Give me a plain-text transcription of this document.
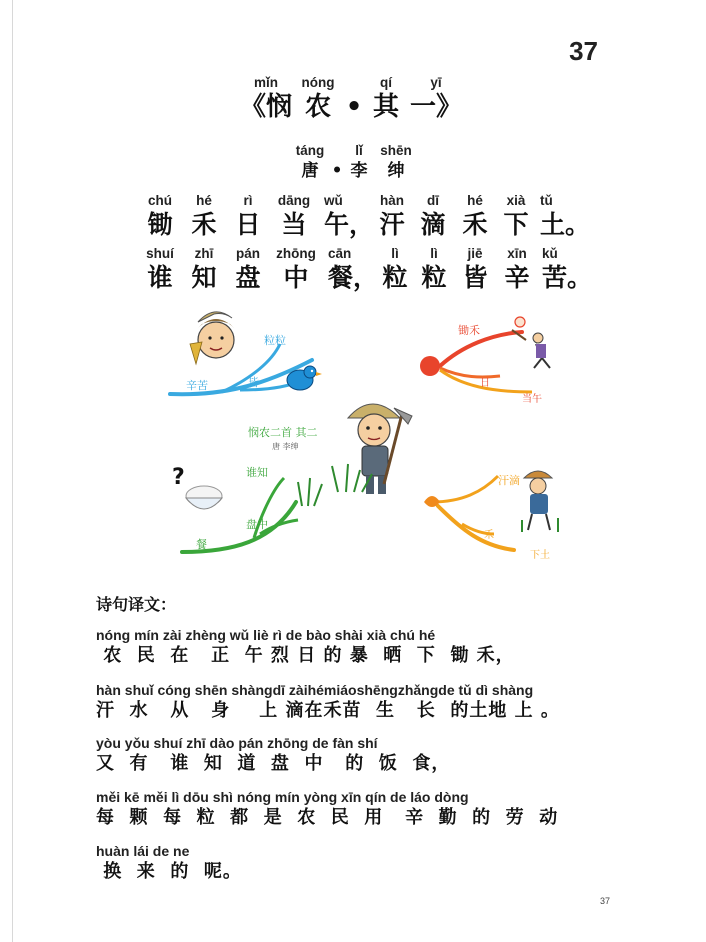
37
mǐn
《悯
nóng
农 •
qí
其
yī
一》
táng
唐 •
lǐ
李
shēn
绅
chú
锄
hé
禾
rì
日
dāng
当
wǔ
午，
hàn
汗
dī
滴
hé
禾
xià
下
tǔ
土。
shuí
谁
zhī
知
pán
盘
zhōng
中
cān
餐，
lì
粒
lì
粒
jiē
皆
xīn
辛
kǔ
苦。
粒粒
辛苦	皆
锄禾
日
当午
悯农二首 其二
唐 李绅
谁知
盘中
餐
?	汗滴
禾
下土
诗句译文：
nóng mín zài zhèng wǔ liè rì de bào shài xià chú hé
农  民  在   正  午 烈 日 的 暴  晒  下  锄 禾，
hàn shuǐ cóng shēn shàngdī zàihémiáoshēngzhǎngde tǔ dì shàng
汗  水   从   身    上 滴在禾苗  生   长  的土地 上 。
yòu yǒu shuí zhī dào pán zhōng de fàn shí
又  有   谁  知  道  盘  中   的  饭  食，
měi kē měi lì dōu shì nóng mín yòng xīn qín de láo dòng
每  颗  每  粒  都  是  农  民  用   辛  勤  的  劳  动
huàn lái de ne
换  来  的  呢。
37
